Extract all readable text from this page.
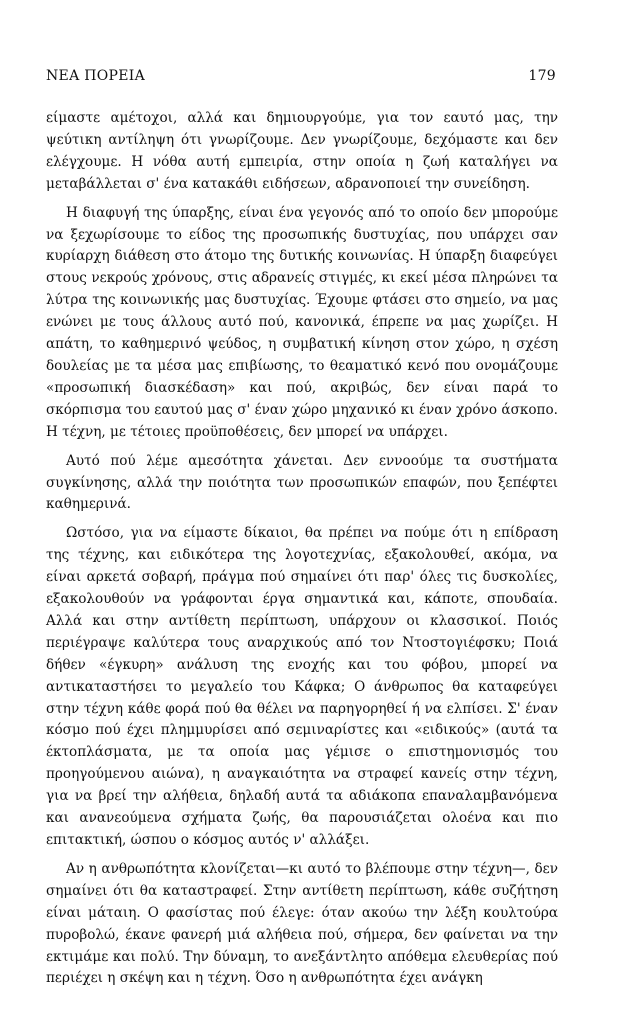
ΝΕΑ ΠΟΡΕΙΑ	179

είμαστε αμέτοχοι, αλλά και δημιουργούμε, για τον εαυτό μας, την ψεύτικη αντίληψη ότι γνωρίζουμε. Δεν γνωρίζουμε, δεχόμαστε και δεν ελέγχουμε. Η νόθα αυτή εμπειρία, στην οποία η ζωή καταλήγει να μεταβάλλεται σ' ένα κατακάθι ειδήσεων, αδρανοποιεί την συνείδηση.

Η διαφυγή της ύπαρξης, είναι ένα γεγονός από το οποίο δεν μπορούμε να ξεχωρίσουμε το είδος της προσωπικής δυστυχίας, που υπάρχει σαν κυρίαρχη διάθεση στο άτομο της δυτικής κοινωνίας. Η ύπαρξη διαφεύγει στους νεκρούς χρόνους, στις αδρανείς στιγμές, κι εκεί μέσα πληρώνει τα λύτρα της κοινωνικής μας δυστυχίας. Έχουμε φτάσει στο σημείο, να μας ενώνει με τους άλλους αυτό πού, κανονικά, έπρεπε να μας χωρίζει. Η απάτη, το καθημερινό ψεύδος, η συμβατική κίνηση στον χώρο, η σχέση δουλείας με τα μέσα μας επιβίωσης, το θεαματικό κενό που ονομάζουμε «προσωπική διασκέδαση» και πού, ακριβώς, δεν είναι παρά το σκόρπισμα του εαυτού μας σ' έναν χώρο μηχανικό κι έναν χρόνο άσκοπο. Η τέχνη, με τέτοιες προϋποθέσεις, δεν μπορεί να υπάρχει.

Αυτό πού λέμε αμεσότητα χάνεται. Δεν εννοούμε τα συστήματα συγκίνησης, αλλά την ποιότητα των προσωπικών επαφών, που ξεπέφτει καθημερινά.

Ωστόσο, για να είμαστε δίκαιοι, θα πρέπει να πούμε ότι η επίδραση της τέχνης, και ειδικότερα της λογοτεχνίας, εξακολουθεί, ακόμα, να είναι αρκετά σοβαρή, πράγμα πού σημαίνει ότι παρ' όλες τις δυσκολίες, εξακολουθούν να γράφονται έργα σημαντικά και, κάποτε, σπουδαία. Αλλά και στην αντίθετη περίπτωση, υπάρχουν οι κλασσικοί. Ποιός περιέγραψε καλύτερα τους αναρχικούς από τον Ντοστογιέφσκυ; Ποιά δήθεν «έγκυρη» ανάλυση της ενοχής και του φόβου, μπορεί να αντικαταστήσει το μεγαλείο του Κάφκα; Ο άνθρωπος θα καταφεύγει στην τέχνη κάθε φορά πού θα θέλει να παρηγορηθεί ή να ελπίσει. Σ' έναν κόσμο πού έχει πλημμυρίσει από σεμιναρίστες και «ειδικούς» (αυτά τα έκτοπλάσματα, με τα οποία μας γέμισε ο επιστημονισμός του προηγούμενου αιώνα), η αναγκαιότητα να στραφεί κανείς στην τέχνη, για να βρεί την αλήθεια, δηλαδή αυτά τα αδιάκοπα επαναλαμβανόμενα και ανανεούμενα σχήματα ζωής, θα παρουσιάζεται ολοένα και πιο επιτακτική, ώσπου ο κόσμος αυτός ν' αλλάξει.

Αν η ανθρωπότητα κλονίζεται—κι αυτό το βλέπουμε στην τέχνη—, δεν σημαίνει ότι θα καταστραφεί. Στην αντίθετη περίπτωση, κάθε συζήτηση είναι μάταιη. Ο φασίστας πού έλεγε: όταν ακούω την λέξη κουλτούρα πυροβολώ, έκανε φανερή μιά αλήθεια πού, σήμερα, δεν φαίνεται να την εκτιμάμε και πολύ. Την δύναμη, το ανεξάντλητο απόθεμα ελευθερίας πού περιέχει η σκέψη και η τέχνη. Όσο η ανθρωπότητα έχει ανάγκη
